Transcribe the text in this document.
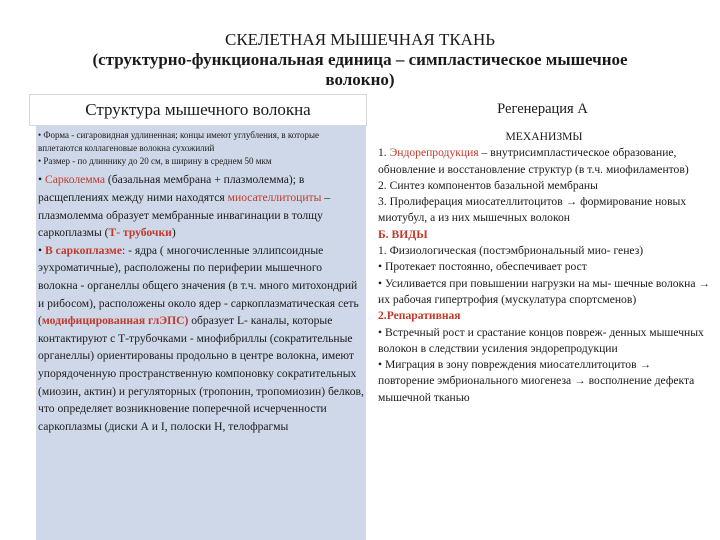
СКЕЛЕТНАЯ МЫШЕЧНАЯ ТКАНЬ
(структурно-функциональная единица – симпластическое мышечное
волокно)
Структура мышечного волокна	Регенерация А

• Форма - сигаровидная удлиненная; концы имеют углубления, в которые вплетаются коллагеновые волокна сухожилий

• Размер - по длиннику до 20 см, в ширину в среднем 50 мкм

• Сарколемма (базальная мембрана + плазмолемма); в расщеплениях между ними находятся миосателлитоциты – плазмолемма образует мембранные инвагинации в толщу саркоплазмы (Т- трубочки)

• В саркоплазме: - ядра ( многочисленные эллипсоидные эухроматичные), расположены по периферии мышечного волокна - органеллы общего значения (в т.ч. много митохондрий и рибосом), расположены около ядер - саркоплазматическая сеть (модифицированная глЭПС) образует L- каналы, которые контактируют с Т-трубочками - миофибриллы (сократительные органеллы) ориентированы продольно в центре волокна, имеют упорядоченную пространственную компоновку сократительных (миозин, актин) и регуляторных (тропонин, тропомиозин) белков, что определяет возникновение поперечной исчерченности саркоплазмы (диски А и I, полоски Н, телофрагмы

МЕХАНИЗМЫ

1. Эндорепродукция – внутрисимпластическое образование, обновление и восстановление структур (в т.ч. миофиламентов)

2. Синтез компонентов базальной мембраны

3. Пролиферация миосателлитоцитов → формирование новых миотубул, а из них мышечных волокон

Б. ВИДЫ

1. Физиологическая (постэмбриональный мио- генез)

• Протекает постоянно, обеспечивает рост

• Усиливается при повышении нагрузки на мы- шечные волокна → их рабочая гипертрофия (мускулатура спортсменов)

2.Репаративная

• Встречный рост и срастание концов повреж- денных мышечных волокон в следствии усиления эндорепродукции

• Миграция в зону повреждения миосателлитоцитов → повторение эмбрионального миогенеза → восполнение дефекта мышечной тканью
